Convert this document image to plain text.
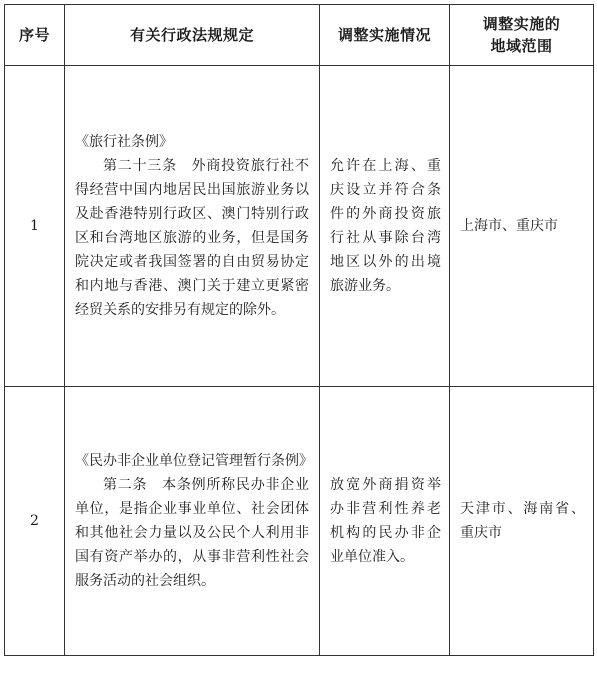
序号	有关行政法规规定	调整实施情况	调整实施的
地域范围

1	《旅行社条例》
第二十三条　外商投资旅行社不得经营中国内地居民出国旅游业务以及赴香港特别行政区、澳门特别行政区和台湾地区旅游的业务，但是国务院决定或者我国签署的自由贸易协定和内地与香港、澳门关于建立更紧密经贸关系的安排另有规定的除外。	允许在上海、重庆设立并符合条件的外商投资旅行社从事除台湾地区以外的出境旅游业务。	上海市、重庆市
2	《民办非企业单位登记管理暂行条例》
第二条　本条例所称民办非企业单位，是指企业事业单位、社会团体和其他社会力量以及公民个人利用非国有资产举办的，从事非营利性社会服务活动的社会组织。	放宽外商捐资举办非营利性养老机构的民办非企业单位准入。	天津市、海南省、重庆市
